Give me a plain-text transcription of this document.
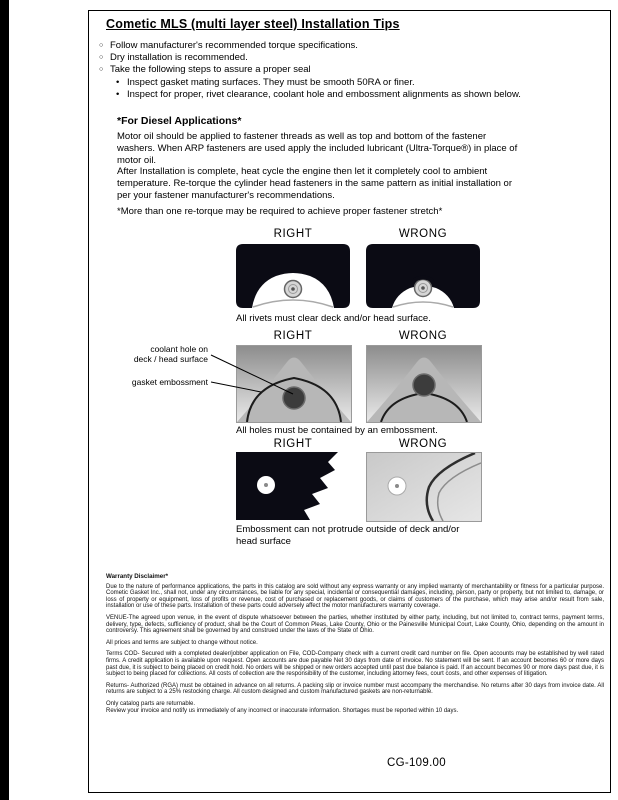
Cometic MLS (multi layer steel) Installation Tips
○ Follow manufacturer's recommended torque specifications.
○ Dry installation is recommended.
○ Take the following steps to assure a proper seal
• Inspect gasket mating surfaces. They must be smooth 50RA or finer.
• Inspect for proper, rivet clearance, coolant hole and embossment alignments as shown below.
*For Diesel Applications*
Motor oil should be applied to fastener threads as well as top and bottom of the fastener washers. When ARP fasteners are used apply the included lubricant (Ultra-Torque®) in place of motor oil.
After Installation is complete, heat cycle the engine then let it completely cool to ambient temperature. Re-torque the cylinder head fasteners in the same pattern as initial installation or per your fastener manufacturer's recommendations.
*More than one re-torque may be required to achieve proper fastener stretch*
RIGHT	WRONG
All rivets must clear deck and/or head surface.
RIGHT	WRONG
coolant hole on
deck / head surface
gasket embossment
All holes must be contained by an embossment.
RIGHT	WRONG
Embossment can not protrude outside of deck and/or head surface
Warranty Disclaimer*

Due to the nature of performance applications, the parts in this catalog are sold without any express warranty or any implied warranty of merchantability or fitness for a particular purpose. Cometic Gasket Inc., shall not, under any circumstances, be liable for any special, incidental or consequential damages, including, person, party or property, but not limited to, damage, or loss of property or equipment, loss of profits or revenue, cost of purchased or replacement goods, or claims of customers of the purchase, which may arise and/or result from sale, installation or use of these parts. Installation of these parts could adversely affect the motor manufacturers warranty coverage.

VENUE-The agreed upon venue, in the event of dispute whatsoever between the parties, whether instituted by either party, including, but not limited to, contract terms, payment terms, delivery, type, defects, sufficiency of product, shall be the Court of Common Pleas, Lake County, Ohio or the Painesville Municipal Court, Lake County, Ohio, depending on the amount in controversy. This agreement shall be governed by and construed under the laws of the State of Ohio.

All prices and terms are subject to change without notice.

Terms COD- Secured with a completed dealer/jobber application on File, COD-Company check with a current credit card number on file. Open accounts may be established by well rated firms. A credit application is available upon request. Open accounts are due payable Net 30 days from date of invoice. No statement will be sent. If an account becomes 60 or more days past due, it is subject to being placed on credit hold. No orders will be shipped or new orders accepted until past due balance is paid. If an account becomes 90 or more days past due, it is subject to being placed for collections. All costs of collection are the responsibility of the customer, including attorney fees, court costs, and other expenses of litigation.

Returns- Authorized (RGA) must be obtained in advance on all returns. A packing slip or invoice number must accompany the merchandise. No returns after 30 days from invoice date. All returns are subject to a 25% restocking charge. All custom designed and custom manufactured gaskets are non-returnable.

Only catalog parts are returnable.

Review your invoice and notify us immediately of any incorrect or inaccurate information. Shortages must be reported within 10 days.

CG-109.00
